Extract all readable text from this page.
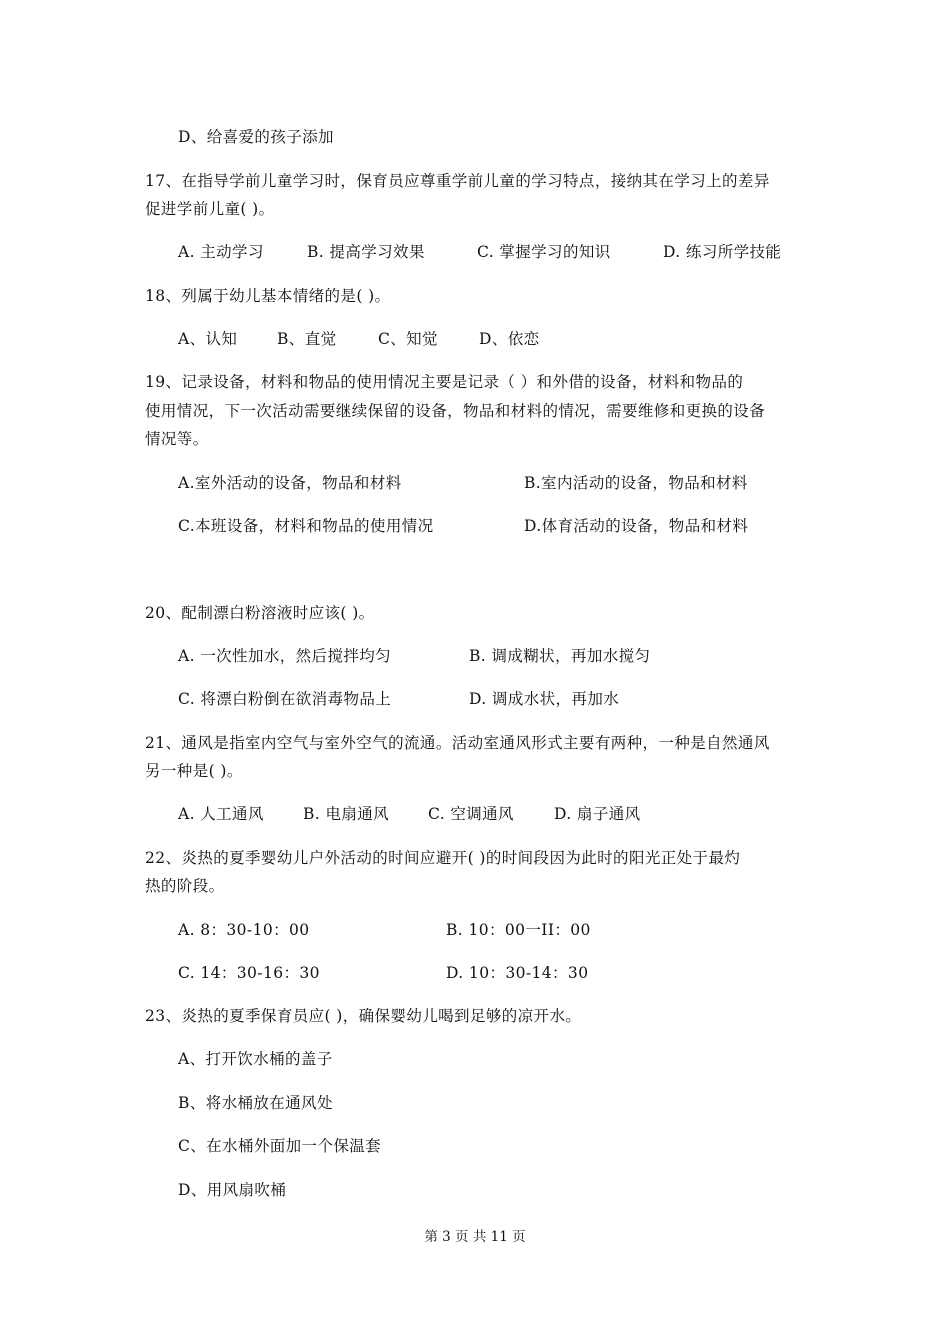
D、给喜爱的孩子添加
17、在指导学前儿童学习时，保育员应尊重学前儿童的学习特点，接纳其在学习上的差异
促进学前儿童( )。
A. 主动学习	B. 提高学习效果	C. 掌握学习的知识	D. 练习所学技能
18、列属于幼儿基本情绪的是( )。
A、认知	B、直觉	C、知觉	D、依恋
19、记录设备，材料和物品的使用情况主要是记录（ ）和外借的设备，材料和物品的
使用情况，下一次活动需要继续保留的设备，物品和材料的情况，需要维修和更换的设备
情况等。
A.室外活动的设备，物品和材料	B.室内活动的设备，物品和材料
C.本班设备，材料和物品的使用情况	D.体育活动的设备，物品和材料
20、配制漂白粉溶液时应该( )。
A. 一次性加水，然后搅拌均匀	B. 调成糊状，再加水搅匀
C. 将漂白粉倒在欲消毒物品上	D. 调成水状，再加水
21、通风是指室内空气与室外空气的流通。活动室通风形式主要有两种，一种是自然通风
另一种是( )。
A. 人工通风	B. 电扇通风	C. 空调通风	D. 扇子通风
22、炎热的夏季婴幼儿户外活动的时间应避开( )的时间段因为此时的阳光正处于最灼
热的阶段。
A. 8：30-10：00	B. 10：00一II：00
C. 14：30-16：30	D. 10：30-14：30
23、炎热的夏季保育员应( )，确保婴幼儿喝到足够的凉开水。
A、打开饮水桶的盖子
B、将水桶放在通风处
C、在水桶外面加一个保温套
D、用风扇吹桶
第 3 页 共 11 页
